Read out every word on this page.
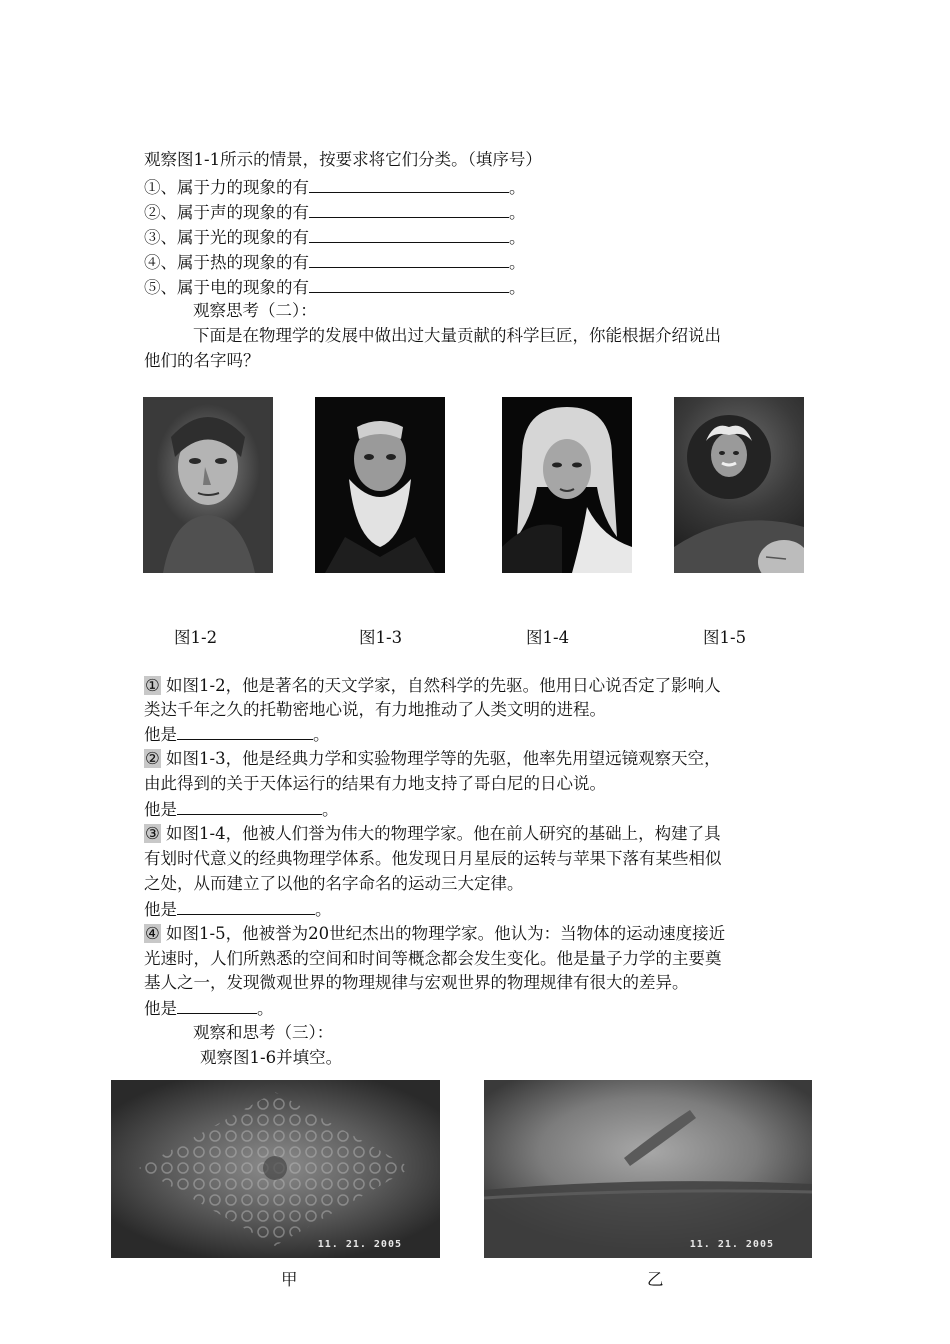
观察图1-1所示的情景，按要求将它们分类。（填序号）
①、属于力的现象的有	。
②、属于声的现象的有	。
③、属于光的现象的有	。
④、属于热的现象的有	。
⑤、属于电的现象的有	。
观察思考（二）：
下面是在物理学的发展中做出过大量贡献的科学巨匠，你能根据介绍说出
他们的名字吗？
图1-2	图1-3	图1-4	图1-5
① 如图1-2，他是著名的天文学家，自然科学的先驱。他用日心说否定了影响人
类达千年之久的托勒密地心说，有力地推动了人类文明的进程。
他是	。
② 如图1-3，他是经典力学和实验物理学等的先驱，他率先用望远镜观察天空，
由此得到的关于天体运行的结果有力地支持了哥白尼的日心说。
他是	。
③ 如图1-4，他被人们誉为伟大的物理学家。他在前人研究的基础上，构建了具
有划时代意义的经典物理学体系。他发现日月星辰的运转与苹果下落有某些相似
之处，从而建立了以他的名字命名的运动三大定律。
他是	。
④ 如图1-5，他被誉为20世纪杰出的物理学家。他认为：当物体的运动速度接近
光速时，人们所熟悉的空间和时间等概念都会发生变化。他是量子力学的主要奠
基人之一，发现微观世界的物理规律与宏观世界的物理规律有很大的差异。
他是	。
观察和思考（三）：
观察图1-6并填空。
11. 21. 2005	11. 21. 2005
甲	乙
